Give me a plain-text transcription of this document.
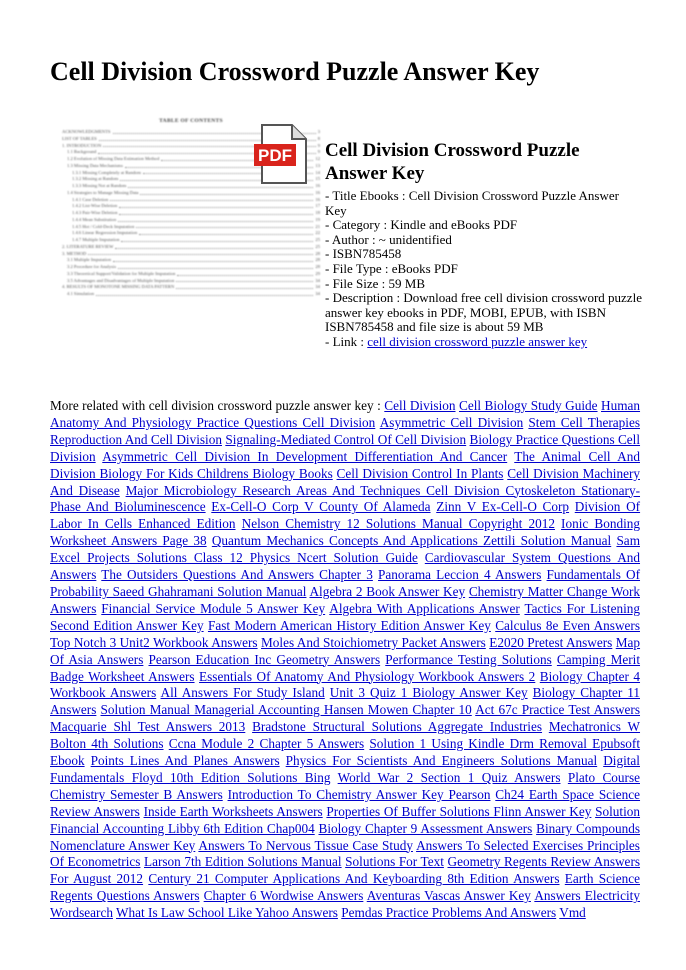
Cell Division Crossword Puzzle Answer Key
TABLE OF CONTENTS
ACKNOWLEDGMENTS	3
LIST OF TABLES	8
1. INTRODUCTION	9
1.1 Background	9
1.2 Evolution of Missing Data Estimation Method	12
1.3 Missing Data Mechanisms	13
1.3.1 Missing Completely at Random	14
1.3.2 Missing at Random	15
1.3.3 Missing Not at Random	16
1.4 Strategies to Manage Missing Data	16
1.4.1 Case Deletion	16
1.4.2 List-Wise Deletion	17
1.4.3 Pair-Wise Deletion	18
1.4.4 Mean Substitution	19
1.4.5 Hot / Cold-Deck Imputation	21
1.4.6 Linear Regression Imputation	22
1.4.7 Multiple Imputation	25
2. LITERATURE REVIEW	25
3. METHOD	28
3.1 Multiple Imputation	28
3.2 Procedure for Analysis	28
3.3 Theoretical Support/Validation for Multiple Imputation	29
3.5 Advantages and Disadvantages of Multiple Imputation	34
4. RESULTS OF MONOTONE MISSING DATA PATTERN	34
4.1 Simulation	34
PDF Cell Division Crossword Puzzle
Answer Key
- Title Ebooks : Cell Division Crossword Puzzle Answer
Key
- Category : Kindle and eBooks PDF
- Author : ~ unidentified
- ISBN785458
- File Type : eBooks PDF
- File Size : 59 MB
- Description : Download free cell division crossword puzzle answer key ebooks in PDF, MOBI, EPUB, with ISBN ISBN785458 and file size is about 59 MB
- Link : cell division crossword puzzle answer key
More related with cell division crossword puzzle answer key : Cell Division Cell Biology Study Guide Human Anatomy And Physiology Practice Questions Cell Division Asymmetric Cell Division Stem Cell Therapies Reproduction And Cell Division Signaling-Mediated Control Of Cell Division Biology Practice Questions Cell Division Asymmetric Cell Division In Development Differentiation And Cancer The Animal Cell And Division Biology For Kids Childrens Biology Books Cell Division Control In Plants Cell Division Machinery And Disease Major Microbiology Research Areas And Techniques Cell Division Cytoskeleton Stationary-Phase And Bioluminescence Ex-Cell-O Corp V County Of Alameda Zinn V Ex-Cell-O Corp Division Of Labor In Cells Enhanced Edition Nelson Chemistry 12 Solutions Manual Copyright 2012 Ionic Bonding Worksheet Answers Page 38 Quantum Mechanics Concepts And Applications Zettili Solution Manual Sam Excel Projects Solutions Class 12 Physics Ncert Solution Guide Cardiovascular System Questions And Answers The Outsiders Questions And Answers Chapter 3 Panorama Leccion 4 Answers Fundamentals Of Probability Saeed Ghahramani Solution Manual Algebra 2 Book Answer Key Chemistry Matter Change Work Answers Financial Service Module 5 Answer Key Algebra With Applications Answer Tactics For Listening Second Edition Answer Key Fast Modern American History Edition Answer Key Calculus 8e Even Answers Top Notch 3 Unit2 Workbook Answers Moles And Stoichiometry Packet Answers E2020 Pretest Answers Map Of Asia Answers Pearson Education Inc Geometry Answers Performance Testing Solutions Camping Merit Badge Worksheet Answers Essentials Of Anatomy And Physiology Workbook Answers 2 Biology Chapter 4 Workbook Answers All Answers For Study Island Unit 3 Quiz 1 Biology Answer Key Biology Chapter 11 Answers Solution Manual Managerial Accounting Hansen Mowen Chapter 10 Act 67c Practice Test Answers Macquarie Shl Test Answers 2013 Bradstone Structural Solutions Aggregate Industries Mechatronics W Bolton 4th Solutions Ccna Module 2 Chapter 5 Answers Solution 1 Using Kindle Drm Removal Epubsoft Ebook Points Lines And Planes Answers Physics For Scientists And Engineers Solutions Manual Digital Fundamentals Floyd 10th Edition Solutions Bing World War 2 Section 1 Quiz Answers Plato Course Chemistry Semester B Answers Introduction To Chemistry Answer Key Pearson Ch24 Earth Space Science Review Answers Inside Earth Worksheets Answers Properties Of Buffer Solutions Flinn Answer Key Solution Financial Accounting Libby 6th Edition Chap004 Biology Chapter 9 Assessment Answers Binary Compounds Nomenclature Answer Key Answers To Nervous Tissue Case Study Answers To Selected Exercises Principles Of Econometrics Larson 7th Edition Solutions Manual Solutions For Text Geometry Regents Review Answers For August 2012 Century 21 Computer Applications And Keyboarding 8th Edition Answers Earth Science Regents Questions Answers Chapter 6 Wordwise Answers Aventuras Vascas Answer Key Answers Electricity Wordsearch What Is Law School Like Yahoo Answers Pemdas Practice Problems And Answers Vmd
